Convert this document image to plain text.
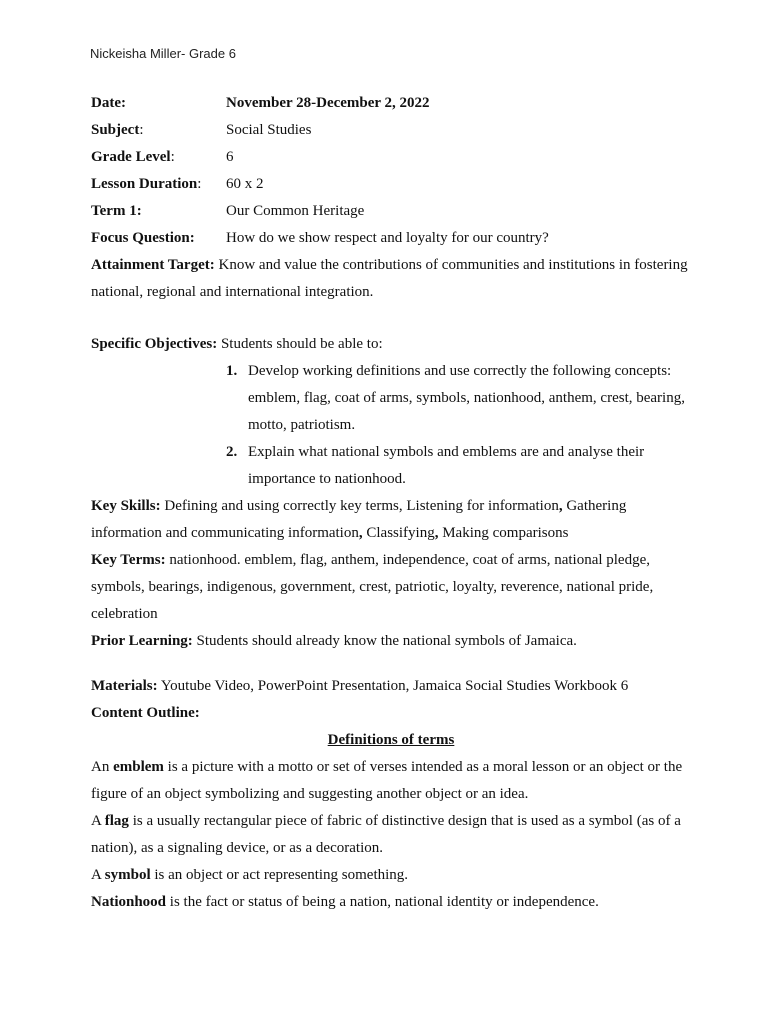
Nickeisha Miller- Grade 6
Date:	November 28-December 2, 2022
Subject:	Social Studies
Grade Level:	6
Lesson Duration:	60 x 2
Term 1:	Our Common Heritage
Focus Question:	How do we show respect and loyalty for our country?

Attainment Target: Know and value the contributions of communities and institutions in fostering national, regional and international integration.

Specific Objectives: Students should be able to:

1. Develop working definitions and use correctly the following concepts: emblem, flag, coat of arms, symbols, nationhood, anthem, crest, bearing, motto, patriotism.
2. Explain what national symbols and emblems are and analyse their importance to nationhood.

Key Skills: Defining and using correctly key terms, Listening for information, Gathering information and communicating information, Classifying, Making comparisons

Key Terms: nationhood. emblem, flag, anthem, independence, coat of arms, national pledge, symbols, bearings, indigenous, government, crest, patriotic, loyalty, reverence, national pride, celebration

Prior Learning: Students should already know the national symbols of Jamaica.

Materials: Youtube Video, PowerPoint Presentation, Jamaica Social Studies Workbook 6

Content Outline:

Definitions of terms

An emblem is a picture with a motto or set of verses intended as a moral lesson or an object or the figure of an object symbolizing and suggesting another object or an idea.

A flag is a usually rectangular piece of fabric of distinctive design that is used as a symbol (as of a nation), as a signaling device, or as a decoration.

A symbol is an object or act representing something.

Nationhood is the fact or status of being a nation, national identity or independence.
